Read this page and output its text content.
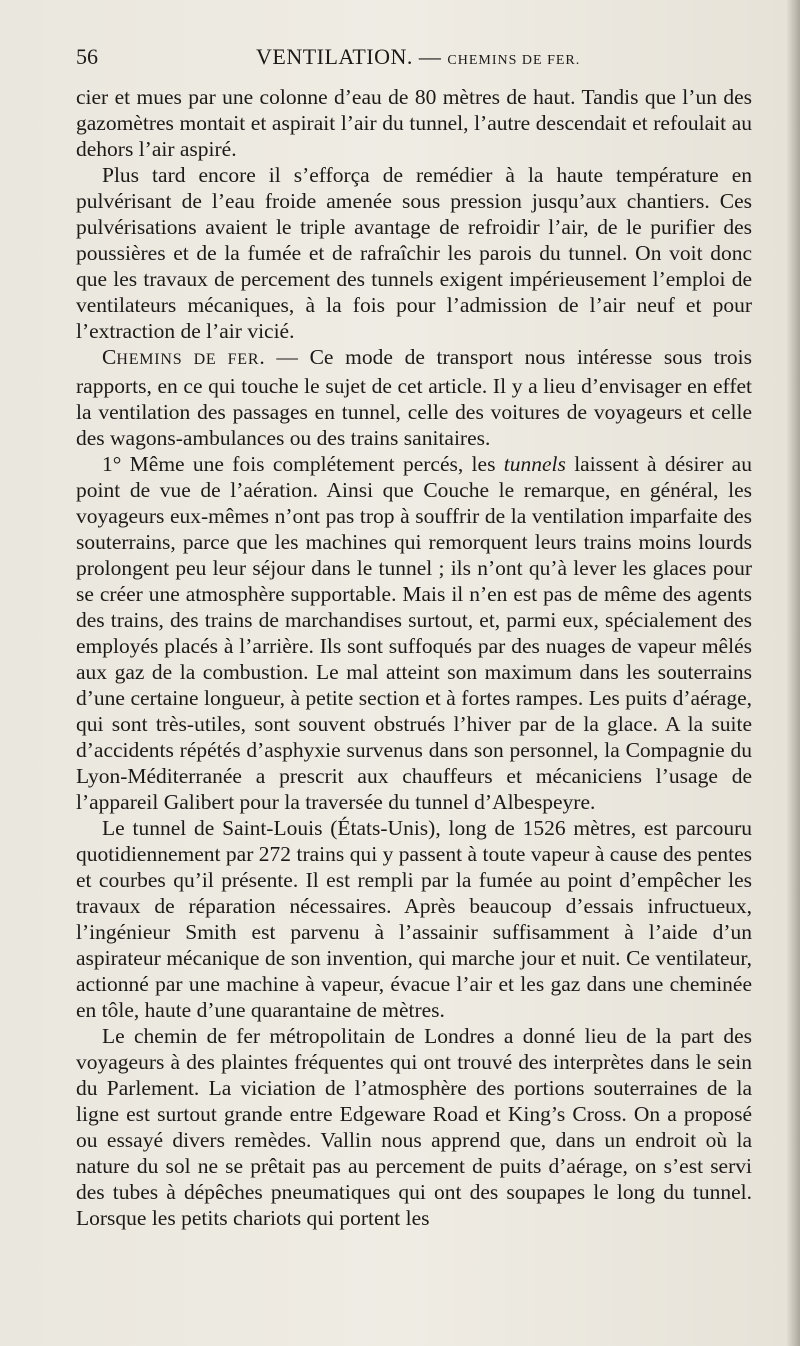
56	VENTILATION. — CHEMINS DE FER.

cier et mues par une colonne d’eau de 80 mètres de haut. Tandis que l’un des gazomètres montait et aspirait l’air du tunnel, l’autre descendait et refoulait au dehors l’air aspiré.

Plus tard encore il s’efforça de remédier à la haute température en pulvérisant de l’eau froide amenée sous pression jusqu’aux chantiers. Ces pulvérisations avaient le triple avantage de refroidir l’air, de le purifier des poussières et de la fumée et de rafraîchir les parois du tunnel. On voit donc que les travaux de percement des tunnels exigent impérieusement l’emploi de ventilateurs mécaniques, à la fois pour l’admission de l’air neuf et pour l’extraction de l’air vicié.

CHEMINS DE FER. — Ce mode de transport nous intéresse sous trois rapports, en ce qui touche le sujet de cet article. Il y a lieu d’envisager en effet la ventilation des passages en tunnel, celle des voitures de voyageurs et celle des wagons-ambulances ou des trains sanitaires.

1° Même une fois complétement percés, les tunnels laissent à désirer au point de vue de l’aération. Ainsi que Couche le remarque, en général, les voyageurs eux-mêmes n’ont pas trop à souffrir de la ventilation imparfaite des souterrains, parce que les machines qui remorquent leurs trains moins lourds prolongent peu leur séjour dans le tunnel ; ils n’ont qu’à lever les glaces pour se créer une atmosphère supportable. Mais il n’en est pas de même des agents des trains, des trains de marchandises surtout, et, parmi eux, spécialement des employés placés à l’arrière. Ils sont suffoqués par des nuages de vapeur mêlés aux gaz de la combustion. Le mal atteint son maximum dans les souterrains d’une certaine longueur, à petite section et à fortes rampes. Les puits d’aérage, qui sont très-utiles, sont souvent obstrués l’hiver par de la glace. A la suite d’accidents répétés d’asphyxie survenus dans son personnel, la Compagnie du Lyon-Méditerranée a prescrit aux chauffeurs et mécaniciens l’usage de l’appareil Galibert pour la traversée du tunnel d’Albespeyre.

Le tunnel de Saint-Louis (États-Unis), long de 1526 mètres, est parcouru quotidiennement par 272 trains qui y passent à toute vapeur à cause des pentes et courbes qu’il présente. Il est rempli par la fumée au point d’empêcher les travaux de réparation nécessaires. Après beaucoup d’essais infructueux, l’ingénieur Smith est parvenu à l’assainir suffisamment à l’aide d’un aspirateur mécanique de son invention, qui marche jour et nuit. Ce ventilateur, actionné par une machine à vapeur, évacue l’air et les gaz dans une cheminée en tôle, haute d’une quarantaine de mètres.

Le chemin de fer métropolitain de Londres a donné lieu de la part des voyageurs à des plaintes fréquentes qui ont trouvé des interprètes dans le sein du Parlement. La viciation de l’atmosphère des portions souterraines de la ligne est surtout grande entre Edgeware Road et King’s Cross. On a proposé ou essayé divers remèdes. Vallin nous apprend que, dans un endroit où la nature du sol ne se prêtait pas au percement de puits d’aérage, on s’est servi des tubes à dépêches pneumatiques qui ont des soupapes le long du tunnel. Lorsque les petits chariots qui portent les
